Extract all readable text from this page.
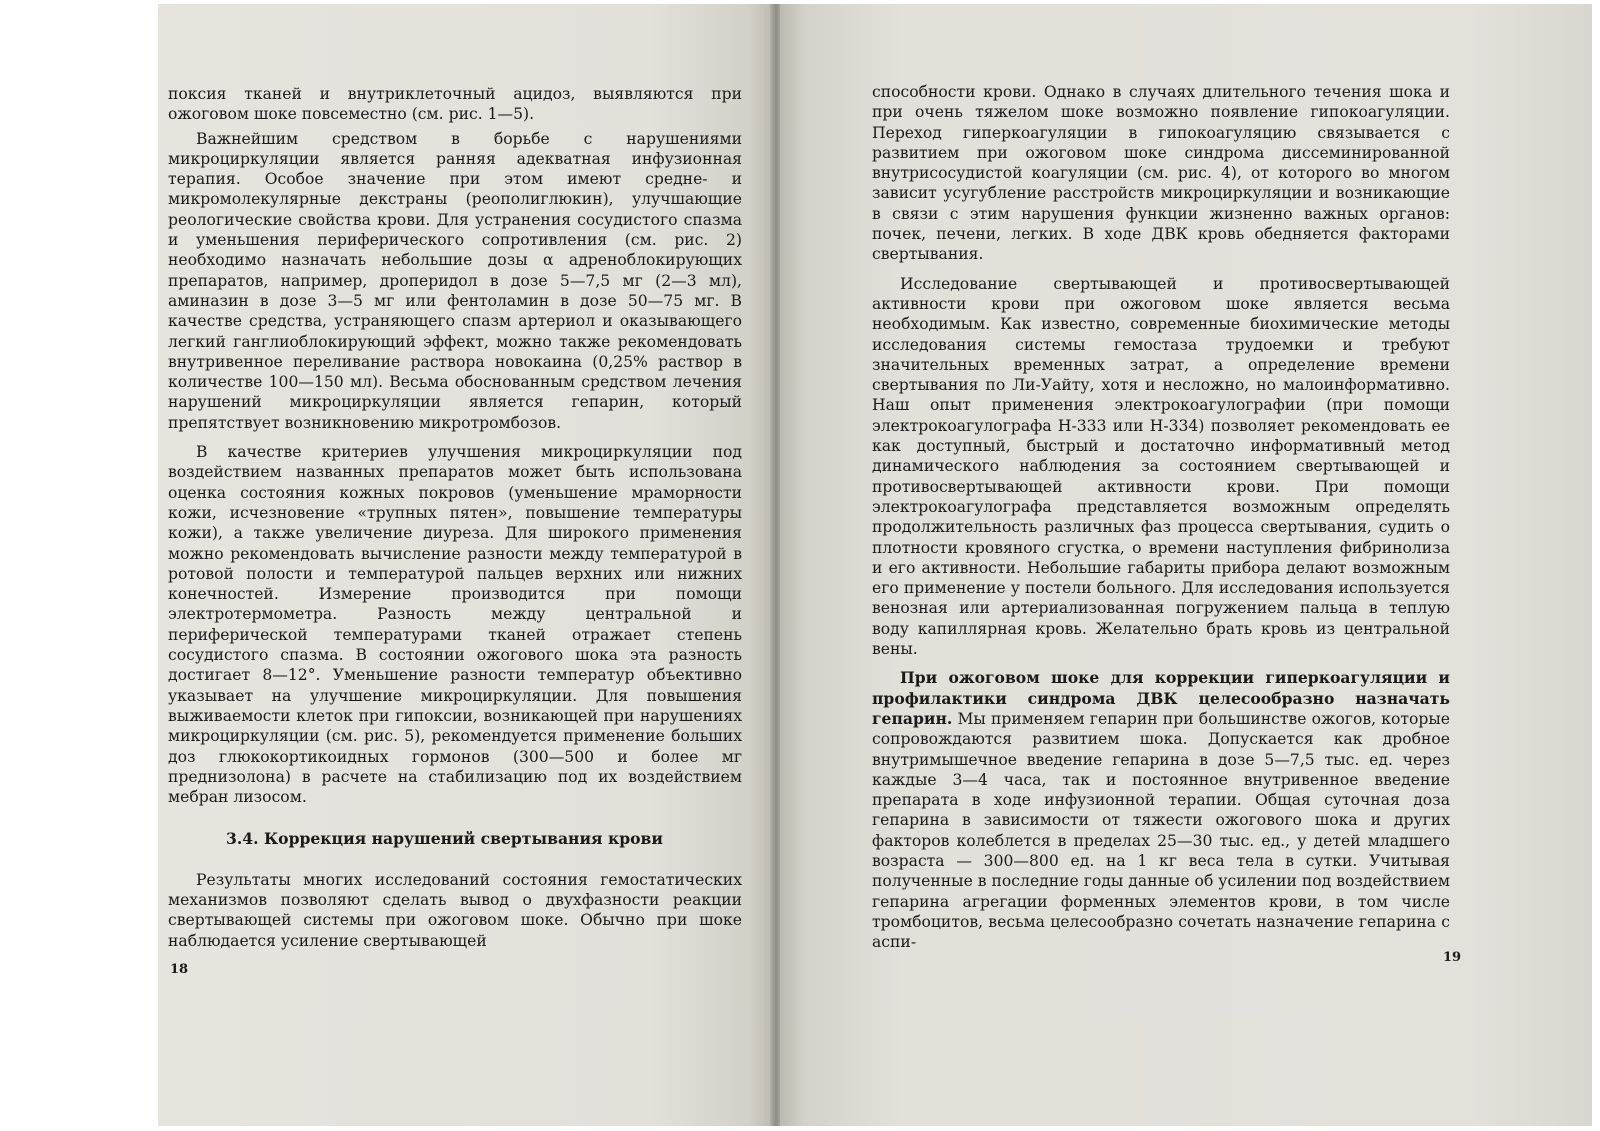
поксия тканей и внутриклеточный ацидоз, выявляются при ожоговом шоке повсеместно (см. рис. 1—5).

Важнейшим средством в борьбе с нарушениями микроциркуляции является ранняя адекватная инфузионная терапия. Особое значение при этом имеют средне- и микромолекулярные декстраны (реополиглюкин), улучшающие реологические свойства крови. Для устранения сосудистого спазма и уменьшения периферического сопротивления (см. рис. 2) необходимо назначать небольшие дозы α адреноблокирующих препаратов, например, дроперидол в дозе 5—7,5 мг (2—3 мл), аминазин в дозе 3—5 мг или фентоламин в дозе 50—75 мг. В качестве средства, устраняющего спазм артериол и оказывающего легкий ганглиоблокирующий эффект, можно также рекомендовать внутривенное переливание раствора новокаина (0,25% раствор в количестве 100—150 мл). Весьма обоснованным средством лечения нарушений микроциркуляции является гепарин, который препятствует возникновению микротромбозов.

В качестве критериев улучшения микроциркуляции под воздействием названных препаратов может быть использована оценка состояния кожных покровов (уменьшение мраморности кожи, исчезновение «трупных пятен», повышение температуры кожи), а также увеличение диуреза. Для широкого применения можно рекомендовать вычисление разности между температурой в ротовой полости и температурой пальцев верхних или нижних конечностей. Измерение производится при помощи электротермометра. Разность между центральной и периферической температурами тканей отражает степень сосудистого спазма. В состоянии ожогового шока эта разность достигает 8—12°. Уменьшение разности температур объективно указывает на улучшение микроциркуляции. Для повышения выживаемости клеток при гипоксии, возникающей при нарушениях микроциркуляции (см. рис. 5), рекомендуется применение больших доз глюкокортикоидных гормонов (300—500 и более мг преднизолона) в расчете на стабилизацию под их воздействием мебран лизосом.

3.4. Коррекция нарушений свертывания крови

Результаты многих исследований состояния гемостатических механизмов позволяют сделать вывод о двухфазности реакции свертывающей системы при ожоговом шоке. Обычно при шоке наблюдается усиление свертывающей

18

способности крови. Однако в случаях длительного течения шока и при очень тяжелом шоке возможно появление гипокоагуляции. Переход гиперкоагуляции в гипокоагуляцию связывается с развитием при ожоговом шоке синдрома диссеминированной внутрисосудистой коагуляции (см. рис. 4), от которого во многом зависит усугубление расстройств микроциркуляции и возникающие в связи с этим нарушения функции жизненно важных органов: почек, печени, легких. В ходе ДВК кровь обедняется факторами свертывания.

Исследование свертывающей и противосвертывающей активности крови при ожоговом шоке является весьма необходимым. Как известно, современные биохимические методы исследования системы гемостаза трудоемки и требуют значительных временных затрат, а определение времени свертывания по Ли-Уайту, хотя и несложно, но малоинформативно. Наш опыт применения электрокоагулографии (при помощи электрокоагулографа Н-333 или Н-334) позволяет рекомендовать ее как доступный, быстрый и достаточно информативный метод динамического наблюдения за состоянием свертывающей и противосвертывающей активности крови. При помощи электрокоагулографа представляется возможным определять продолжительность различных фаз процесса свертывания, судить о плотности кровяного сгустка, о времени наступления фибринолиза и его активности. Небольшие габариты прибора делают возможным его применение у постели больного. Для исследования используется венозная или артериализованная погружением пальца в теплую воду капиллярная кровь. Желательно брать кровь из центральной вены.

При ожоговом шоке для коррекции гиперкоагуляции и профилактики синдрома ДВК целесообразно назначать гепарин. Мы применяем гепарин при большинстве ожогов, которые сопровождаются развитием шока. Допускается как дробное внутримышечное введение гепарина в дозе 5—7,5 тыс. ед. через каждые 3—4 часа, так и постоянное внутривенное введение препарата в ходе инфузионной терапии. Общая суточная доза гепарина в зависимости от тяжести ожогового шока и других факторов колеблется в пределах 25—30 тыс. ед., у детей младшего возраста — 300—800 ед. на 1 кг веса тела в сутки. Учитывая полученные в последние годы данные об усилении под воздействием гепарина агрегации форменных элементов крови, в том числе тромбоцитов, весьма целесообразно сочетать назначение гепарина с аспи-

19
